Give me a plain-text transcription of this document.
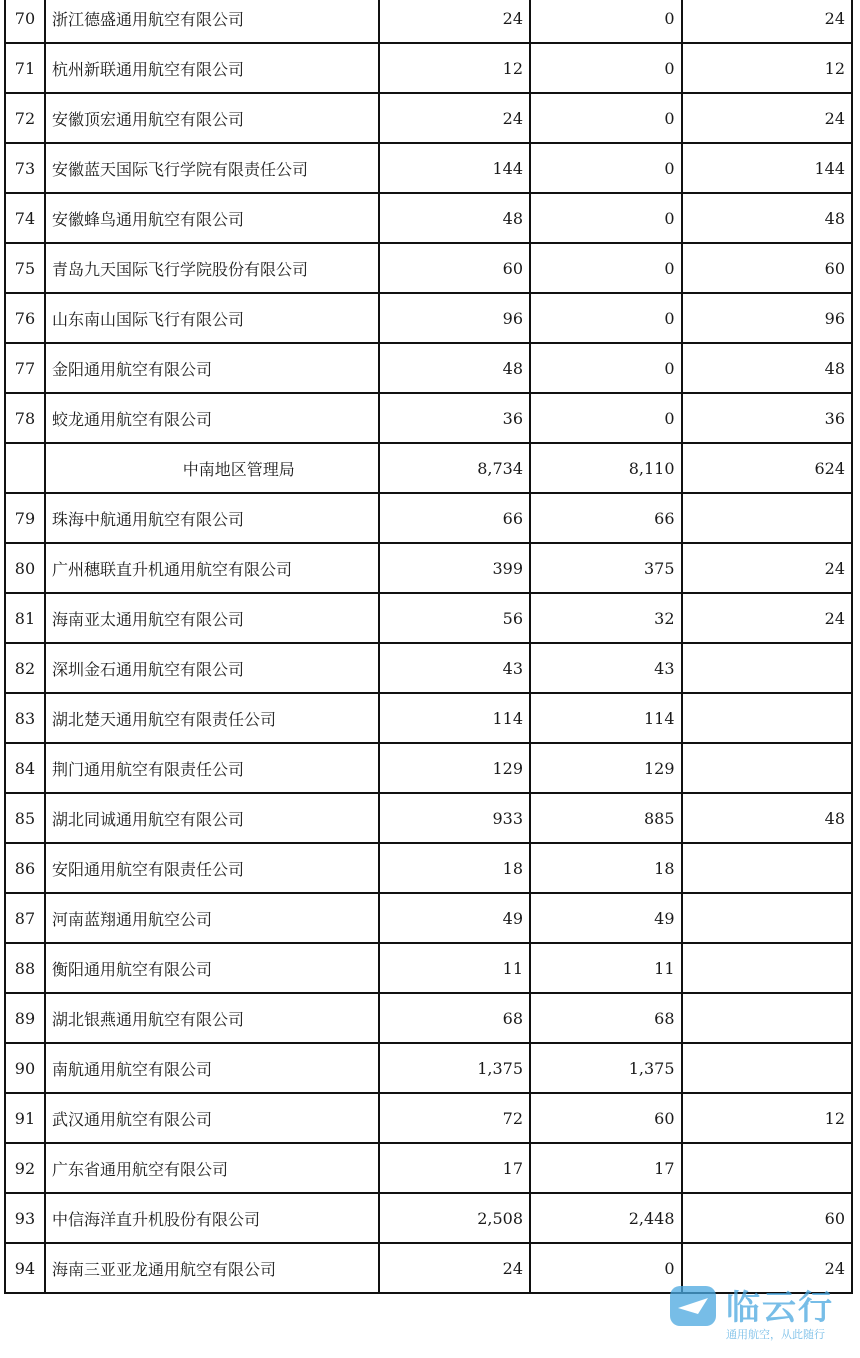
70	浙江德盛通用航空有限公司	24	0	24
71	杭州新联通用航空有限公司	12	0	12
72	安徽顶宏通用航空有限公司	24	0	24
73	安徽蓝天国际飞行学院有限责任公司	144	0	144
74	安徽蜂鸟通用航空有限公司	48	0	48
75	青岛九天国际飞行学院股份有限公司	60	0	60
76	山东南山国际飞行有限公司	96	0	96
77	金阳通用航空有限公司	48	0	48
78	蛟龙通用航空有限公司	36	0	36
	中南地区管理局	8,734	8,110	624
79	珠海中航通用航空有限公司	66	66	
80	广州穗联直升机通用航空有限公司	399	375	24
81	海南亚太通用航空有限公司	56	32	24
82	深圳金石通用航空有限公司	43	43	
83	湖北楚天通用航空有限责任公司	114	114	
84	荆门通用航空有限责任公司	129	129	
85	湖北同诚通用航空有限公司	933	885	48
86	安阳通用航空有限责任公司	18	18	
87	河南蓝翔通用航空公司	49	49	
88	衡阳通用航空有限公司	11	11	
89	湖北银燕通用航空有限公司	68	68	
90	南航通用航空有限公司	1,375	1,375	
91	武汉通用航空有限公司	72	60	12
92	广东省通用航空有限公司	17	17	
93	中信海洋直升机股份有限公司	2,508	2,448	60
94	海南三亚亚龙通用航空有限公司	24	0	24
临云行
通用航空，从此随行
